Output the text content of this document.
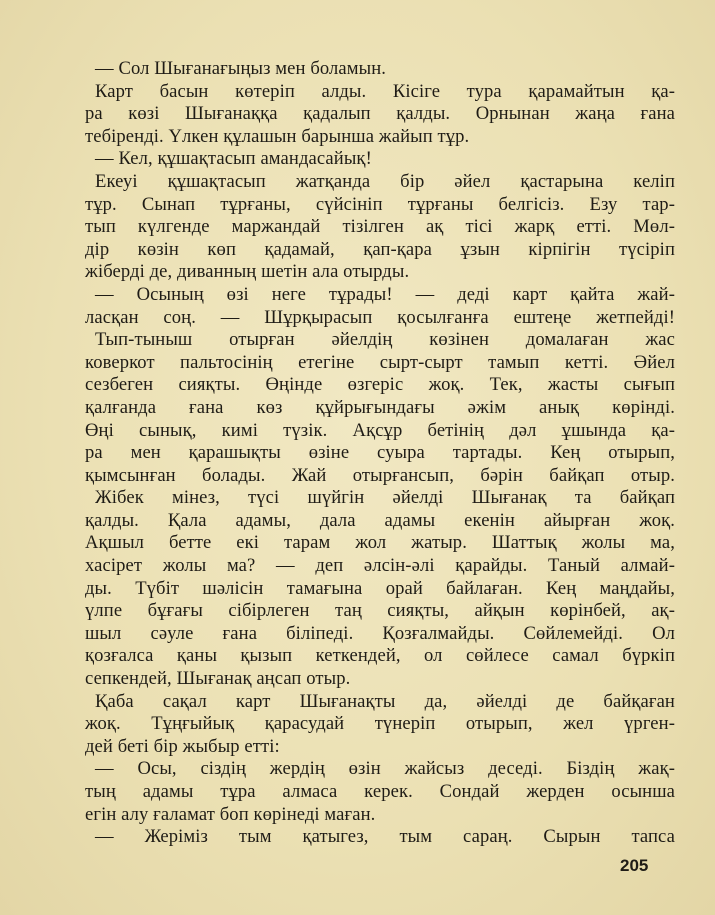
— Сол Шығанағыңыз мен боламын.
Карт басын көтеріп алды. Кісіге тура қарамайтын қа-
ра көзі Шығанаққа қадалып қалды. Орнынан жаңа ғана
тебіренді. Үлкен құлашын барынша жайып тұр.
— Кел, құшақтасып амандасайық!
Екеуі құшақтасып жатқанда бір әйел қастарына келіп
тұр. Сынап тұрғаны, сүйсініп тұрғаны белгісіз. Езу тар-
тып күлгенде маржандай тізілген ақ тісі жарқ етті. Мөл-
дір көзін көп қадамай, қап-қара ұзын кірпігін түсіріп
жіберді де, диванның шетін ала отырды.
— Осының өзі неге тұрады! — деді карт қайта жай-
ласқан соң. — Шұрқырасып қосылғанға ештеңе жетпейді!
Тып-тыныш отырған әйелдің көзінен домалаған жас
коверкот пальтосінің етегіне сырт-сырт тамып кетті. Әйел
сезбеген сияқты. Өңінде өзгеріс жоқ. Тек, жасты сығып
қалғанда ғана көз құйрығындағы әжім анық көрінді.
Өңі сынық, кимі түзік. Ақсұр бетінің дәл ұшында қа-
ра мен қарашықты өзіне суыра тартады. Кең отырып,
қымсынған болады. Жай отырғансып, бәрін байқап отыр.
Жібек мінез, түсі шүйгін әйелді Шығанақ та байқап
қалды. Қала адамы, дала адамы екенін айырған жоқ.
Ақшыл бетте екі тарам жол жатыр. Шаттық жолы ма,
хасірет жолы ма? — деп әлсін-әлі қарайды. Таный алмай-
ды. Түбіт шәлісін тамағына орай байлаған. Кең маңдайы,
үлпе бұғағы сібірлеген таң сияқты, айқын көрінбей, ақ-
шыл сәуле ғана біліпеді. Қозғалмайды. Сөйлемейді. Ол
қозғалса қаны қызып кеткендей, ол сөйлесе самал бүркіп
сепкендей, Шығанақ аңсап отыр.
Қаба сақал карт Шығанақты да, әйелді де байқаған
жоқ. Тұңғыйық қарасудай түнеріп отырып, жел үрген-
дей беті бір жыбыр етті:
— Осы, сіздің жердің өзін жайсыз деседі. Біздің жақ-
тың адамы тұра алмаса керек. Сондай жерден осынша
егін алу ғаламат боп көрінеді маған.
— Жеріміз тым қатыгез, тым сараң. Сырын тапса
205
